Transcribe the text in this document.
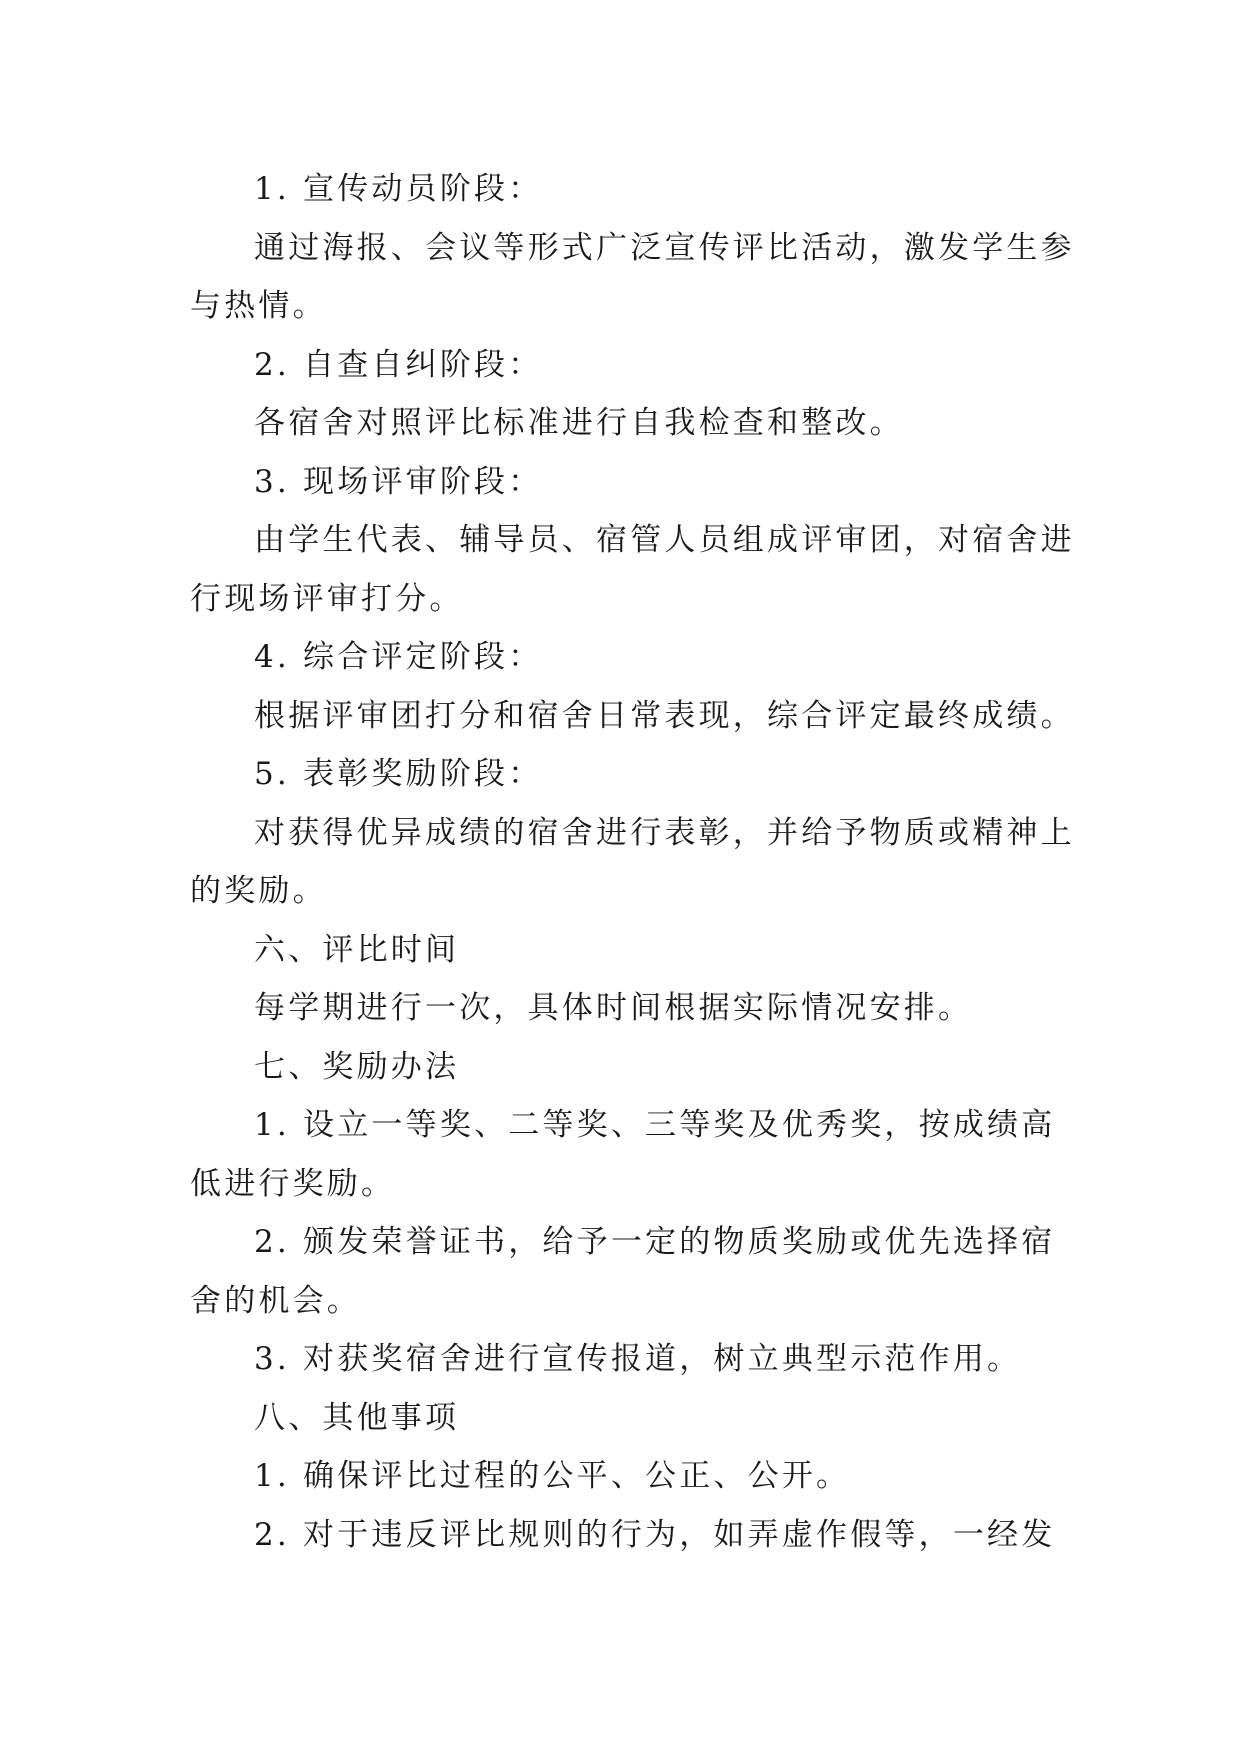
1. 宣传动员阶段：
通过海报、会议等形式广泛宣传评比活动，激发学生参
与热情。
2. 自查自纠阶段：
各宿舍对照评比标准进行自我检查和整改。
3. 现场评审阶段：
由学生代表、辅导员、宿管人员组成评审团，对宿舍进
行现场评审打分。
4. 综合评定阶段：
根据评审团打分和宿舍日常表现，综合评定最终成绩。
5. 表彰奖励阶段：
对获得优异成绩的宿舍进行表彰，并给予物质或精神上
的奖励。
六、评比时间
每学期进行一次，具体时间根据实际情况安排。
七、奖励办法
1. 设立一等奖、二等奖、三等奖及优秀奖，按成绩高
低进行奖励。
2. 颁发荣誉证书，给予一定的物质奖励或优先选择宿
舍的机会。
3. 对获奖宿舍进行宣传报道，树立典型示范作用。
八、其他事项
1. 确保评比过程的公平、公正、公开。
2. 对于违反评比规则的行为，如弄虚作假等，一经发
